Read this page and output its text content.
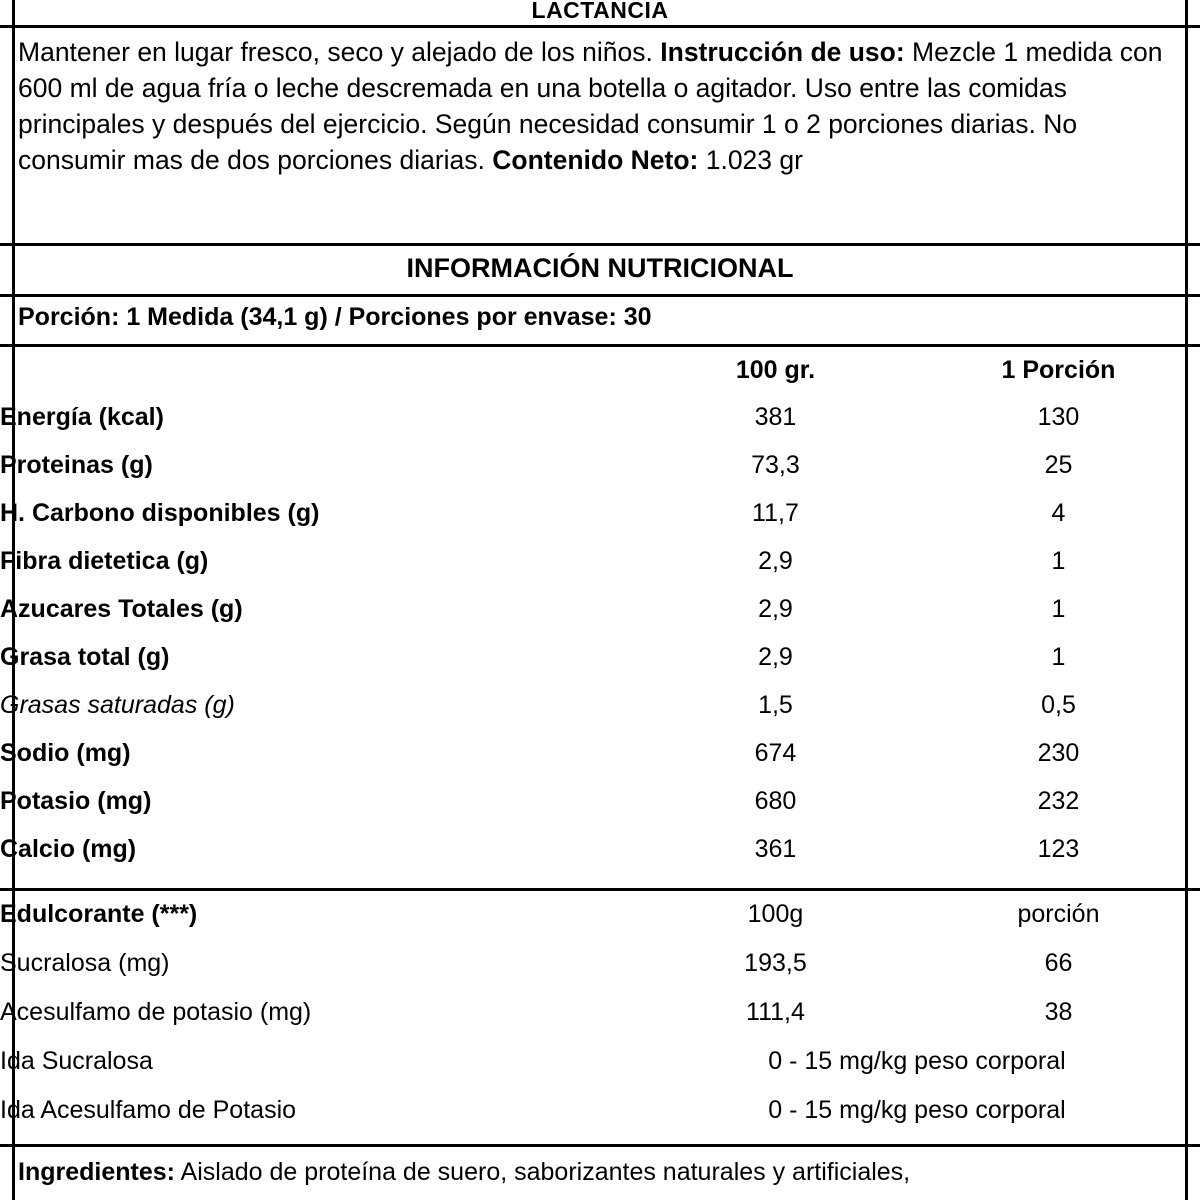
LACTANCIA
Mantener en lugar fresco, seco y alejado de los niños. Instrucción de uso: Mezcle 1 medida con 600 ml de agua fría o leche descremada en una botella o agitador. Uso entre las comidas principales y después del ejercicio. Según necesidad consumir 1 o 2 porciones diarias. No consumir mas de dos porciones diarias. Contenido Neto: 1.023 gr
INFORMACIÓN NUTRICIONAL
Porción: 1 Medida (34,1 g) / Porciones por envase: 30
	100 gr.	1 Porción
Energía (kcal)	381	130
Proteinas (g)	73,3	25
H. Carbono disponibles (g)	11,7	4
Fibra dietetica (g)	2,9	1
Azucares Totales (g)	2,9	1
Grasa total (g)	2,9	1
Grasas saturadas (g)	1,5	0,5
Sodio (mg)	674	230
Potasio (mg)	680	232
Calcio (mg)	361	123
Edulcorante (***)	100g	porción
Sucralosa (mg)	193,5	66
Acesulfamo de potasio (mg)	111,4	38
Ida Sucralosa	0 - 15 mg/kg peso corporal	
Ida Acesulfamo de Potasio	0 - 15 mg/kg peso corporal	
Ingredientes: Aislado de proteína de suero, saborizantes naturales y artificiales,
